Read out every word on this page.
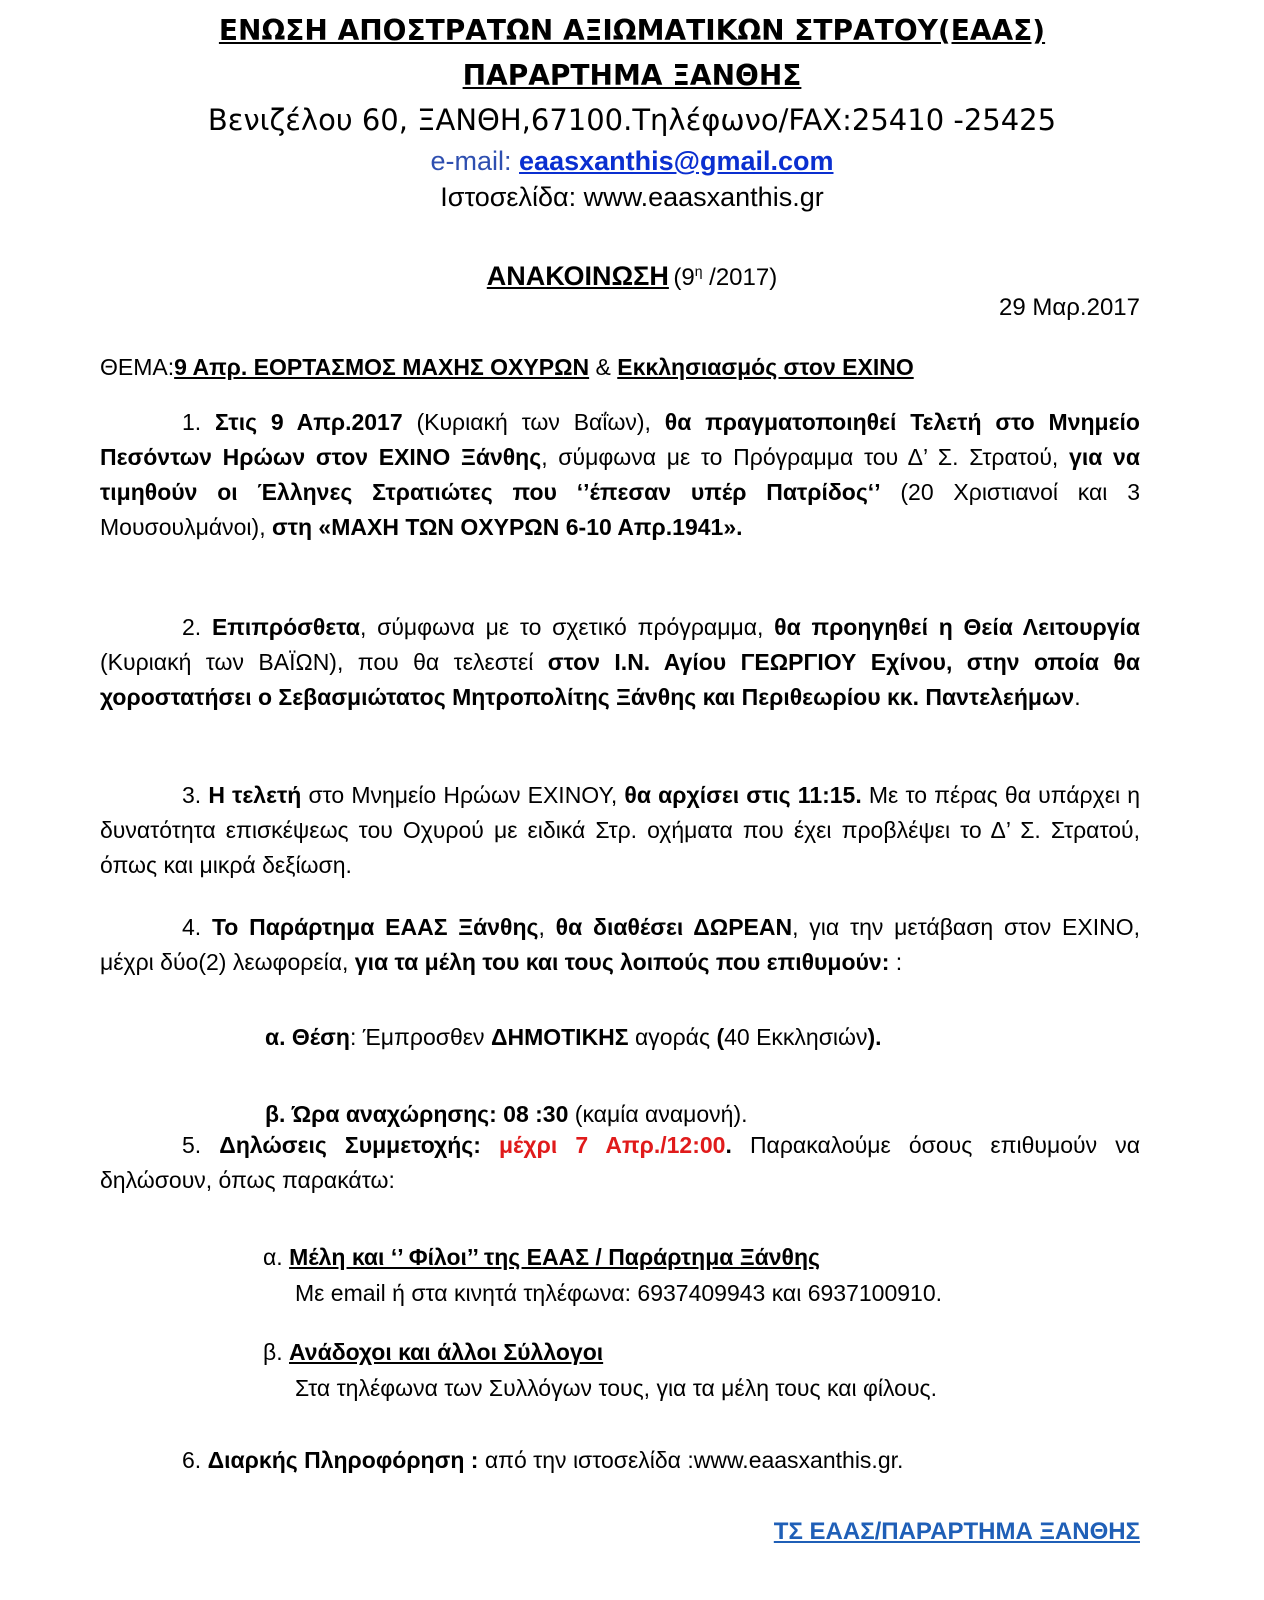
ΕΝΩΣΗ ΑΠΟΣΤΡΑΤΩΝ ΑΞΙΩΜΑΤΙΚΩΝ ΣΤΡΑΤΟΥ(ΕΑΑΣ)
ΠΑΡΑΡΤΗΜΑ ΞΑΝΘΗΣ
Βενιζέλου 60, ΞΑΝΘΗ,67100.Τηλέφωνο/FAX:25410 -25425
e-mail: eaasxanthis@gmail.com
Ιστοσελίδα: www.eaasxanthis.gr
ΑΝΑΚΟΙΝΩΣΗ ($9^\eta$ /2017)
29 Μαρ.2017
ΘΕΜΑ:9 Απρ. ΕΟΡΤΑΣΜΟΣ ΜΑΧΗΣ ΟΧΥΡΩΝ & Εκκλησιασμός στον ΕΧΙΝΟ
1. Στις 9 Απρ.2017 (Κυριακή των Βαΐων), θα πραγματοποιηθεί Τελετή στο Μνημείο Πεσόντων Ηρώων στον ΕΧΙΝΟ Ξάνθης, σύμφωνα με το Πρόγραμμα του Δ’ Σ. Στρατού, για να τιμηθούν οι Έλληνες Στρατιώτες που ‘’έπεσαν υπέρ Πατρίδος‘’ (20 Χριστιανοί και 3 Μουσουλμάνοι), στη «ΜΑΧΗ ΤΩΝ ΟΧΥΡΩΝ 6-10 Απρ.1941».
2. Επιπρόσθετα, σύμφωνα με το σχετικό πρόγραμμα, θα προηγηθεί η Θεία Λειτουργία (Κυριακή των ΒΑΪΩΝ), που θα τελεστεί στον Ι.Ν. Αγίου ΓΕΩΡΓΙΟΥ Εχίνου, στην οποία θα χοροστατήσει ο Σεβασμιώτατος Μητροπολίτης Ξάνθης και Περιθεωρίου κκ. Παντελεήμων.
3. Η τελετή στο Μνημείο Ηρώων ΕΧΙΝΟΥ, θα αρχίσει στις 11:15. Με το πέρας θα υπάρχει η δυνατότητα επισκέψεως του Οχυρού με ειδικά Στρ. οχήματα που έχει προβλέψει το Δ’ Σ. Στρατού, όπως και μικρά δεξίωση.
4. Το Παράρτημα ΕΑΑΣ Ξάνθης, θα διαθέσει ΔΩΡΕΑΝ, για την μετάβαση στον ΕΧΙΝΟ, μέχρι δύο(2) λεωφορεία, για τα μέλη του και τους λοιπούς που επιθυμούν: :
α. Θέση: Έμπροσθεν ΔΗΜΟΤΙΚΗΣ αγοράς (40 Εκκλησιών).
β. Ώρα αναχώρησης: 08 :30 (καμία αναμονή).
5. Δηλώσεις Συμμετοχής: μέχρι 7 Απρ./12:00. Παρακαλούμε όσους επιθυμούν να δηλώσουν, όπως παρακάτω:
α. Μέλη και ‘’ Φίλοι’’ της ΕΑΑΣ / Παράρτημα Ξάνθης
Με email ή στα κινητά τηλέφωνα: 6937409943 και 6937100910.
β. Ανάδοχοι και άλλοι Σύλλογοι
Στα τηλέφωνα των Συλλόγων τους, για τα μέλη τους και φίλους.
6. Διαρκής Πληροφόρηση : από την ιστοσελίδα :www.eaasxanthis.gr.
ΤΣ ΕΑΑΣ/ΠΑΡΑΡΤΗΜΑ ΞΑΝΘΗΣ
